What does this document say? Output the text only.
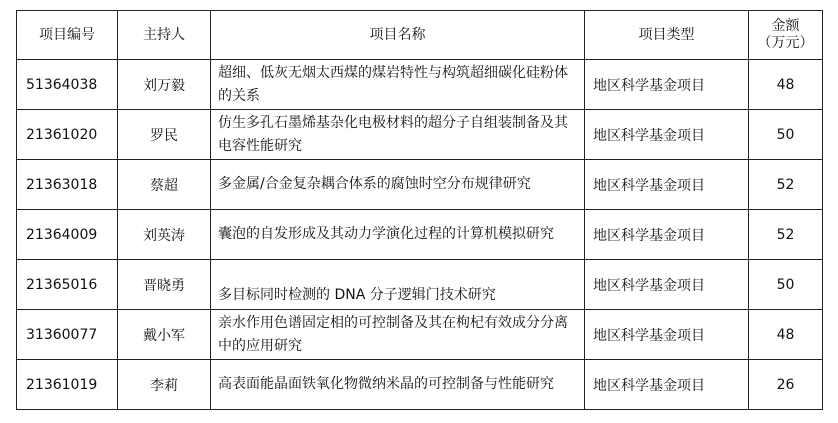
项目编号	主持人	项目名称	项目类型	金额
（万元）

51364038	刘万毅	超细、低灰无烟太西煤的煤岩特性与构筑超细碳化硅粉体的关系	地区科学基金项目	48
21361020	罗民	仿生多孔石墨烯基杂化电极材料的超分子自组装制备及其电容性能研究	地区科学基金项目	50
21363018	蔡超	多金属/合金复杂耦合体系的腐蚀时空分布规律研究	地区科学基金项目	52
21364009	刘英涛	囊泡的自发形成及其动力学演化过程的计算机模拟研究	地区科学基金项目	52
21365016	晋晓勇	多目标同时检测的 DNA 分子逻辑门技术研究	地区科学基金项目	50
31360077	戴小军	亲水作用色谱固定相的可控制备及其在枸杞有效成分分离中的应用研究	地区科学基金项目	48
21361019	李莉	高表面能晶面铁氧化物微纳米晶的可控制备与性能研究	地区科学基金项目	26
